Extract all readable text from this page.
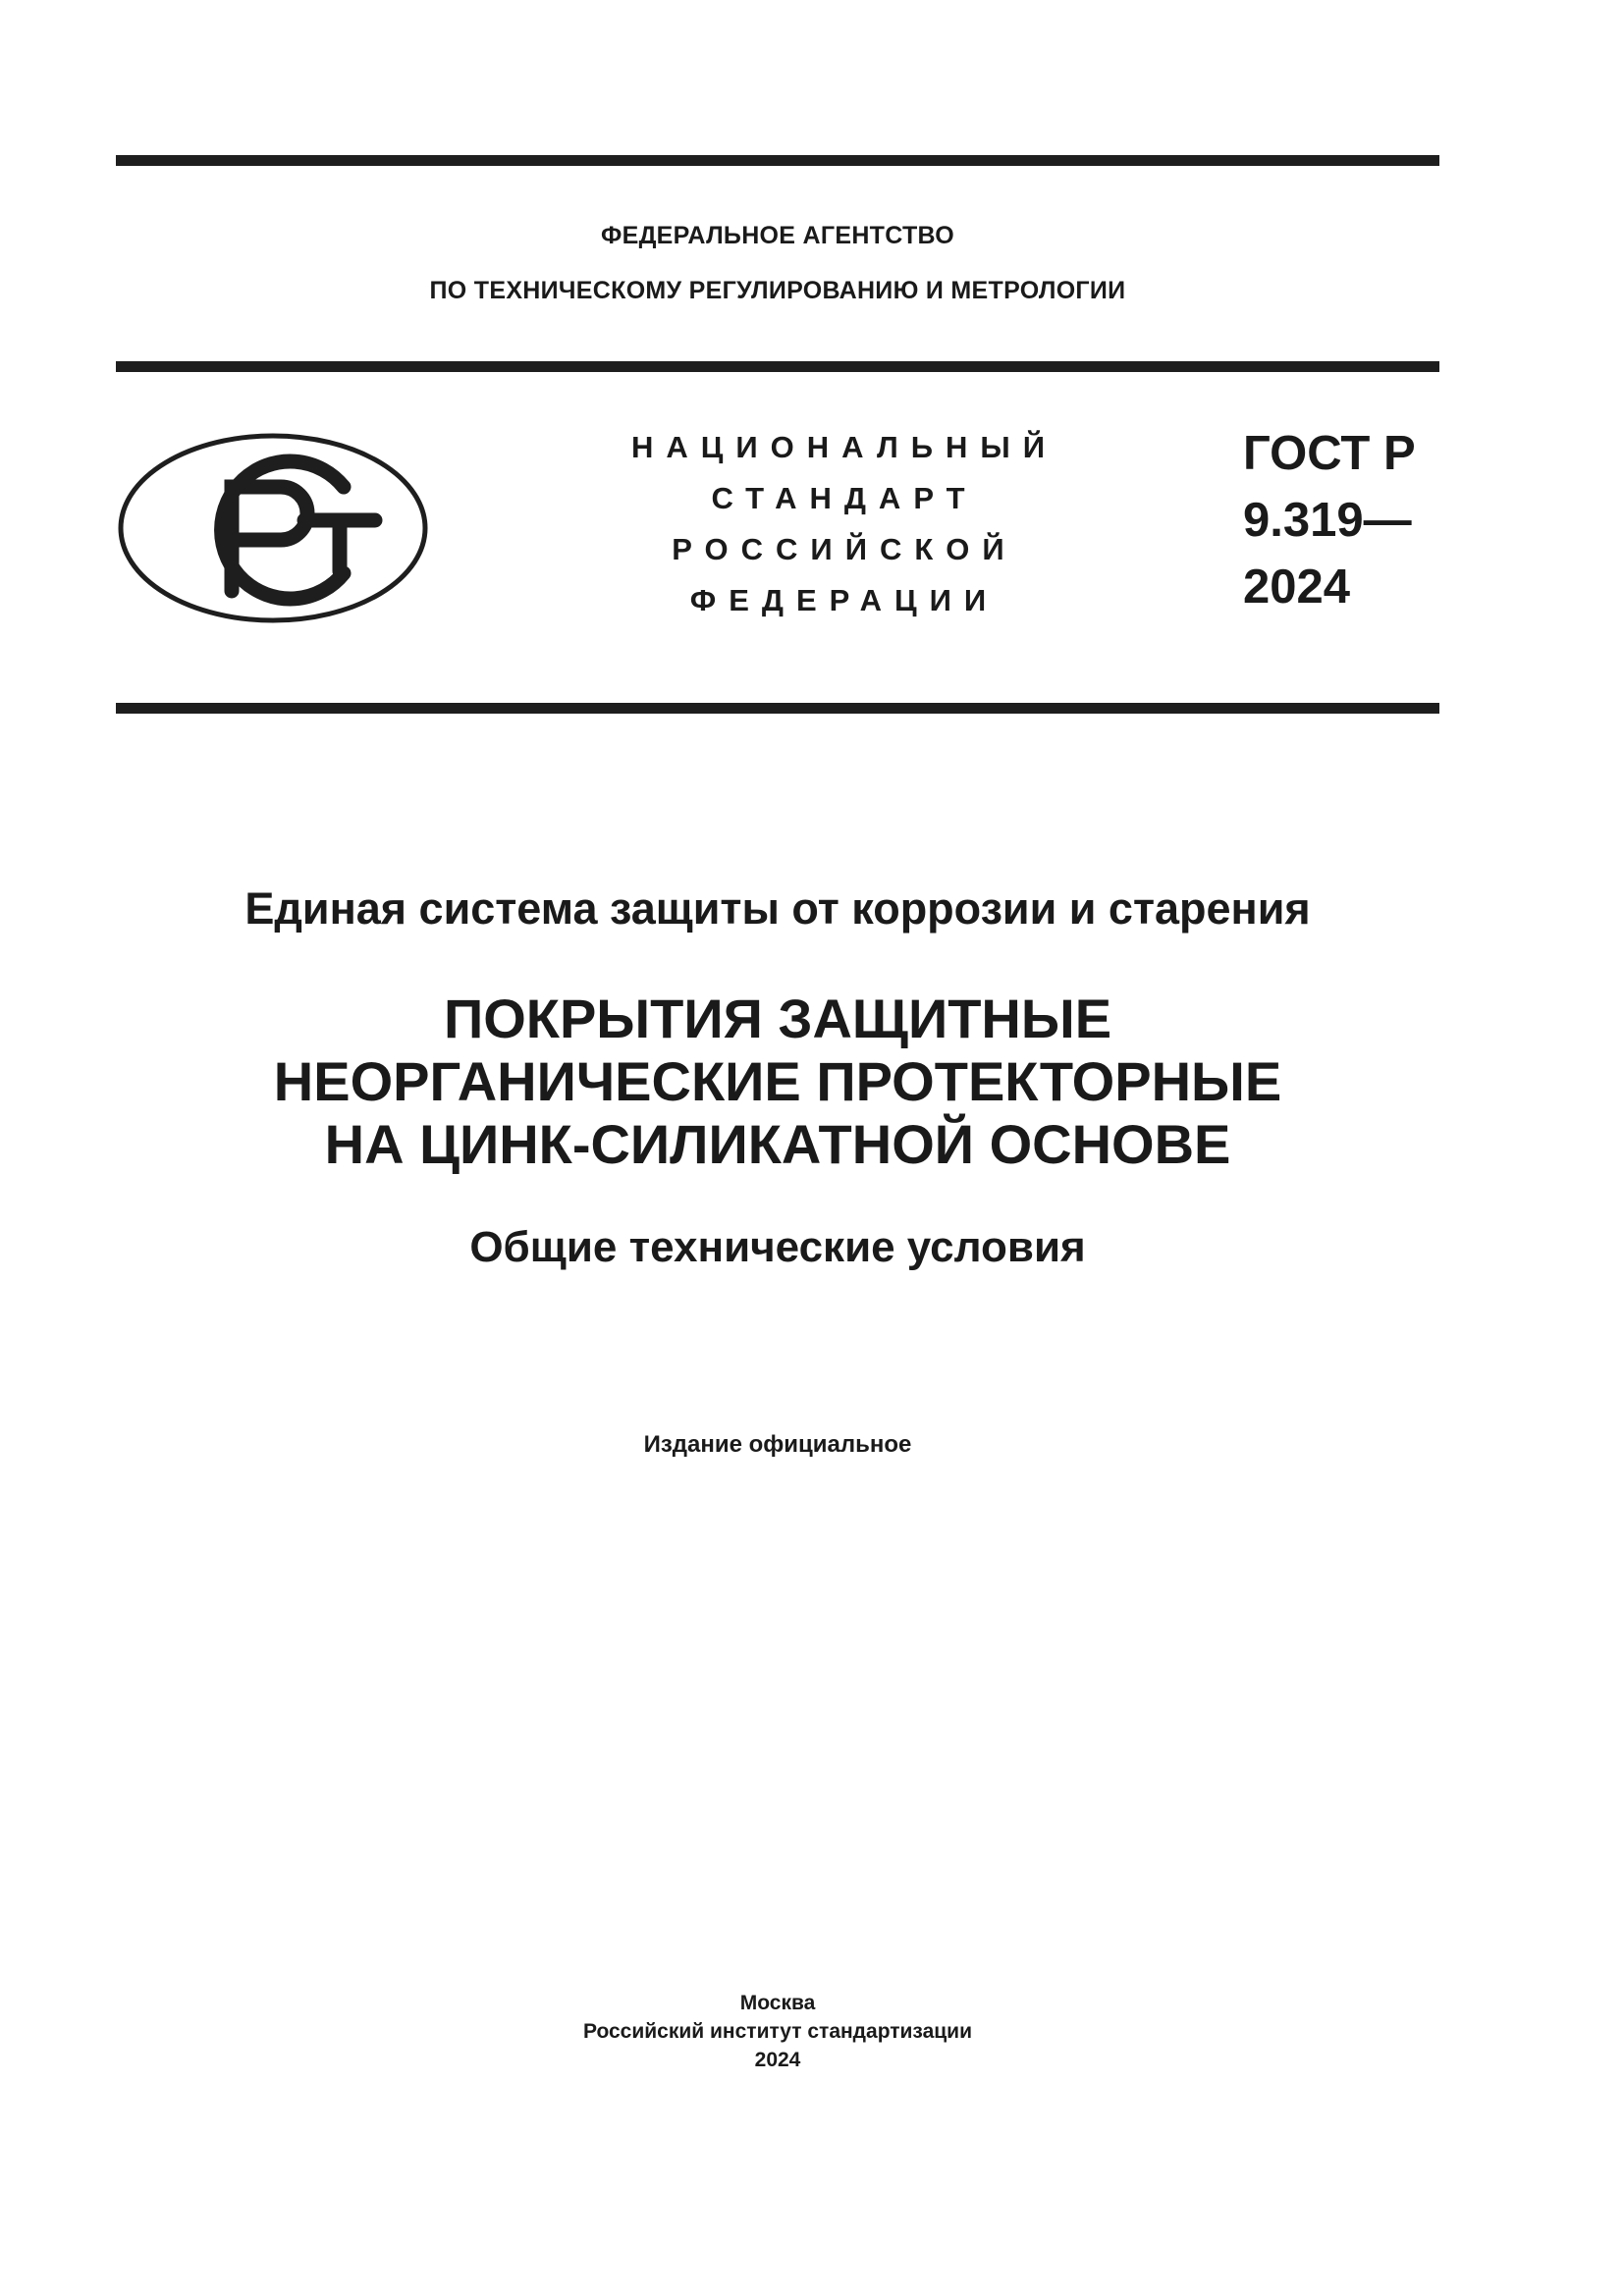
ФЕДЕРАЛЬНОЕ АГЕНТСТВО
ПО ТЕХНИЧЕСКОМУ РЕГУЛИРОВАНИЮ И МЕТРОЛОГИИ
НАЦИОНАЛЬНЫЙ
СТАНДАРТ
РОССИЙСКОЙ
ФЕДЕРАЦИИ
ГОСТ Р
9.319—
2024
Единая система защиты от коррозии и старения
ПОКРЫТИЯ ЗАЩИТНЫЕ
НЕОРГАНИЧЕСКИЕ ПРОТЕКТОРНЫЕ
НА ЦИНК-СИЛИКАТНОЙ ОСНОВЕ
Общие технические условия
Издание официальное
Москва
Российский институт стандартизации
2024
